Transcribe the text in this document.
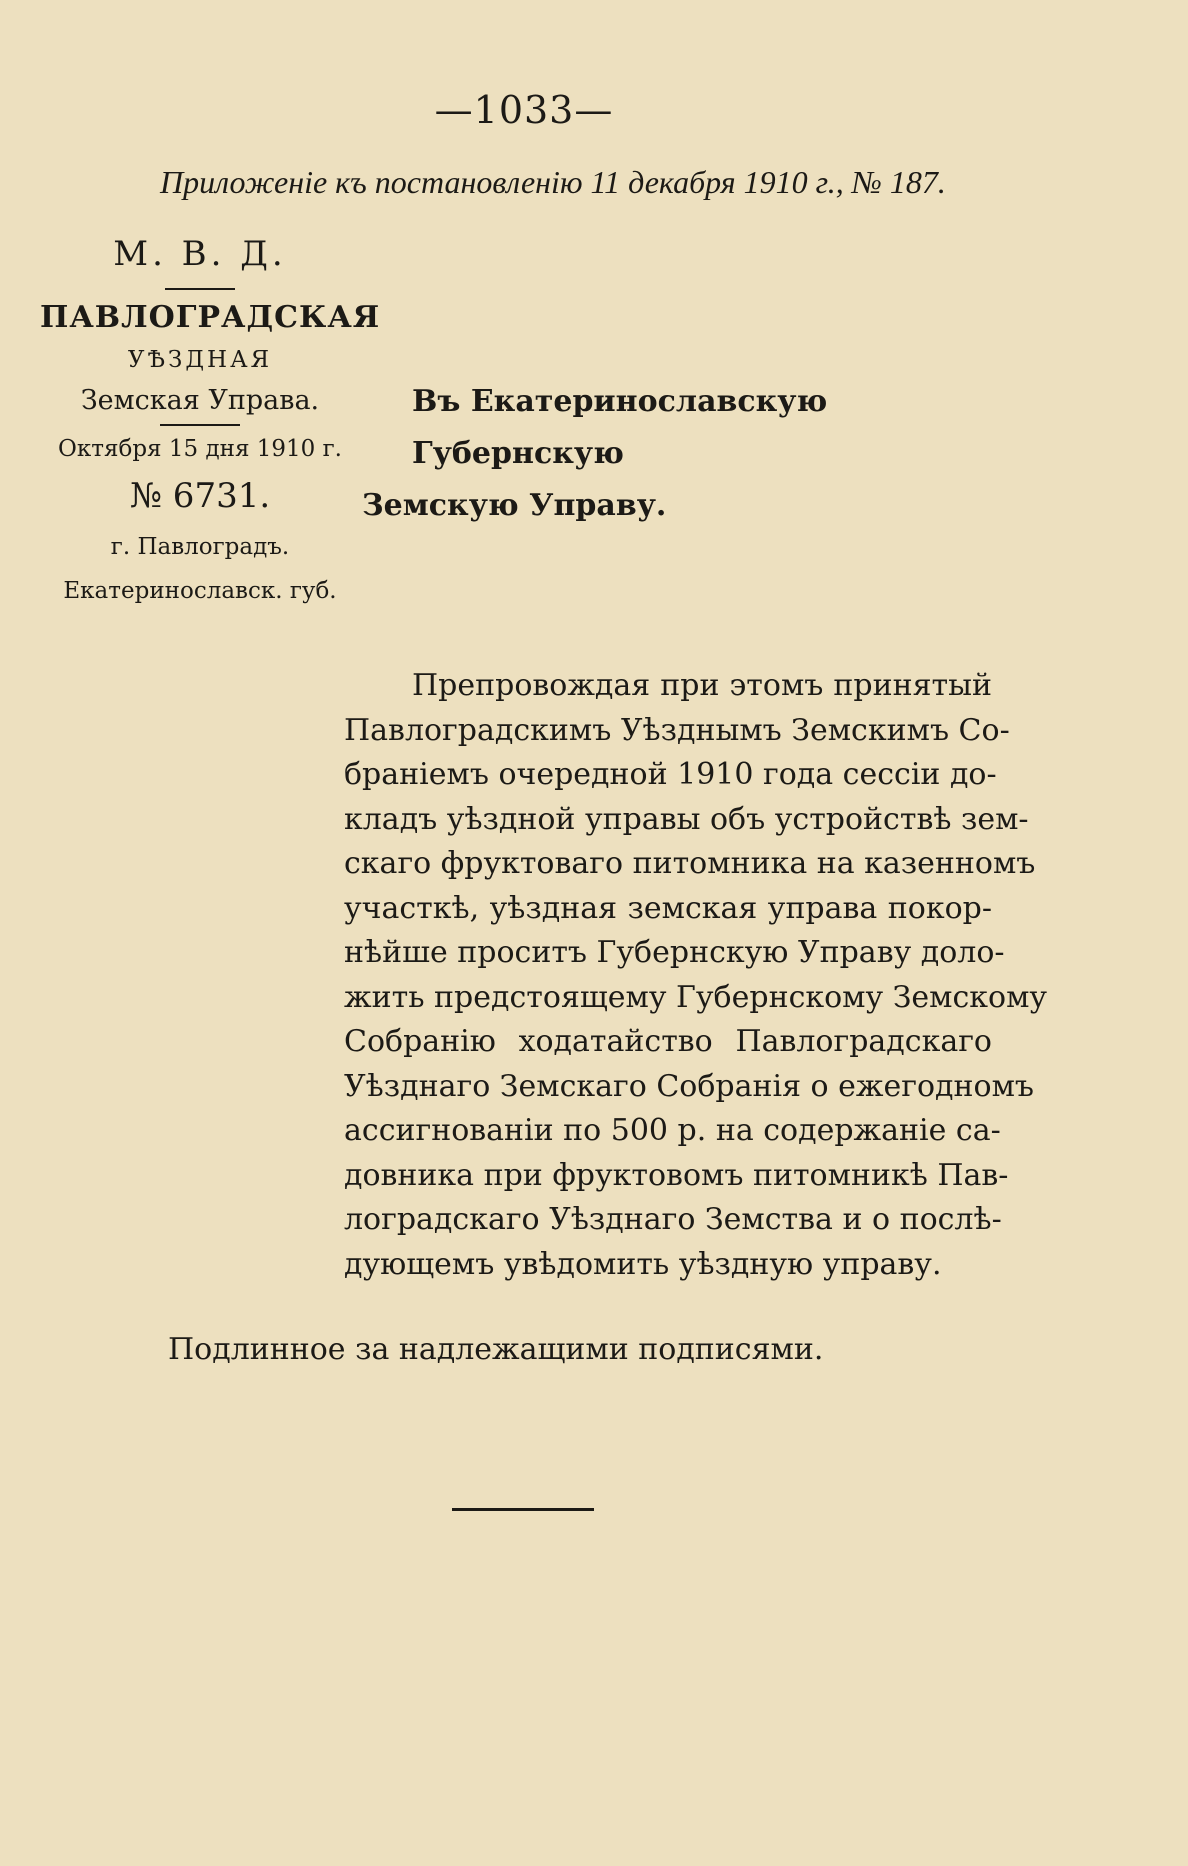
—1033—
Приложеніе къ постановленію 11 декабря 1910 г., № 187.
М. В. Д.
ПАВЛОГРАДСКАЯ
УѢЗДНАЯ
Земская Управа.
Октября 15 дня 1910 г.
№ 6731.
г. Павлоградъ.
Екатеринославск. губ.
Въ Екатеринославскую Губернскую
Земскую Управу.
Препровождая при этомъ принятый
Павлоградскимъ Уѣзднымъ Земскимъ Со-
браніемъ очередной 1910 года сессіи до-
кладъ уѣздной управы объ устройствѣ зем-
скаго фруктоваго питомника на казенномъ
участкѣ, уѣздная земская управа покор-
нѣйше проситъ Губернскую Управу доло-
жить предстоящему Губернскому Земскому
Собранію ходатайство Павлоградскаго
Уѣзднаго Земскаго Собранія о ежегодномъ
ассигнованіи по 500 р. на содержаніе са-
довника при фруктовомъ питомникѣ Пав-
лоградскаго Уѣзднаго Земства и о послѣ-
дующемъ увѣдомить уѣздную управу.
Подлинное за надлежащими подписями.
